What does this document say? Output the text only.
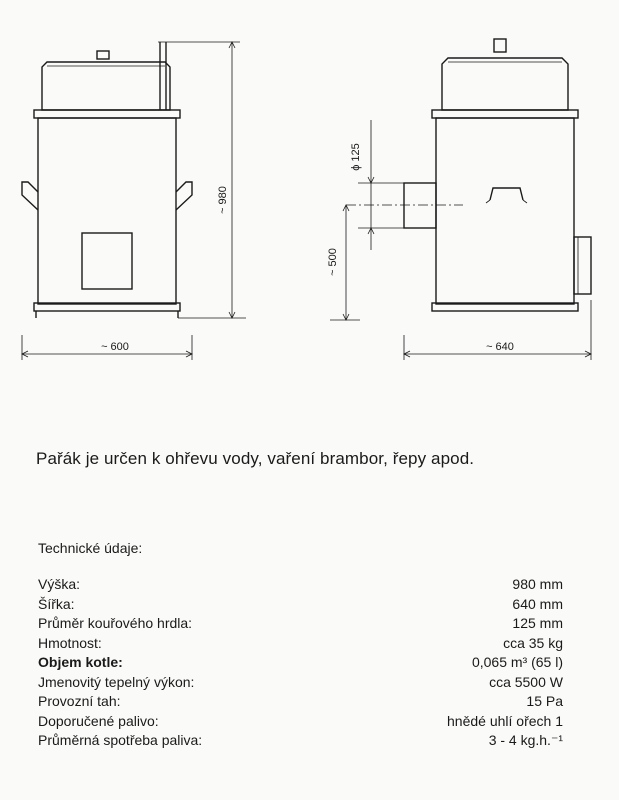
~ 980
~ 600
ϕ 125
~ 500
~ 640
Pařák je určen k ohřevu vody, vaření brambor, řepy apod.
Technické údaje:
Výška:	980 mm
Šířka:	640 mm
Průměr kouřového hrdla:	125 mm
Hmotnost:	cca 35 kg
Objem kotle:	0,065 m³ (65 l)
Jmenovitý tepelný výkon:	cca 5500 W
Provozní tah:	15 Pa
Doporučené palivo:	hnědé uhlí ořech 1
Průměrná spotřeba paliva:	3 - 4 kg.h.⁻¹
